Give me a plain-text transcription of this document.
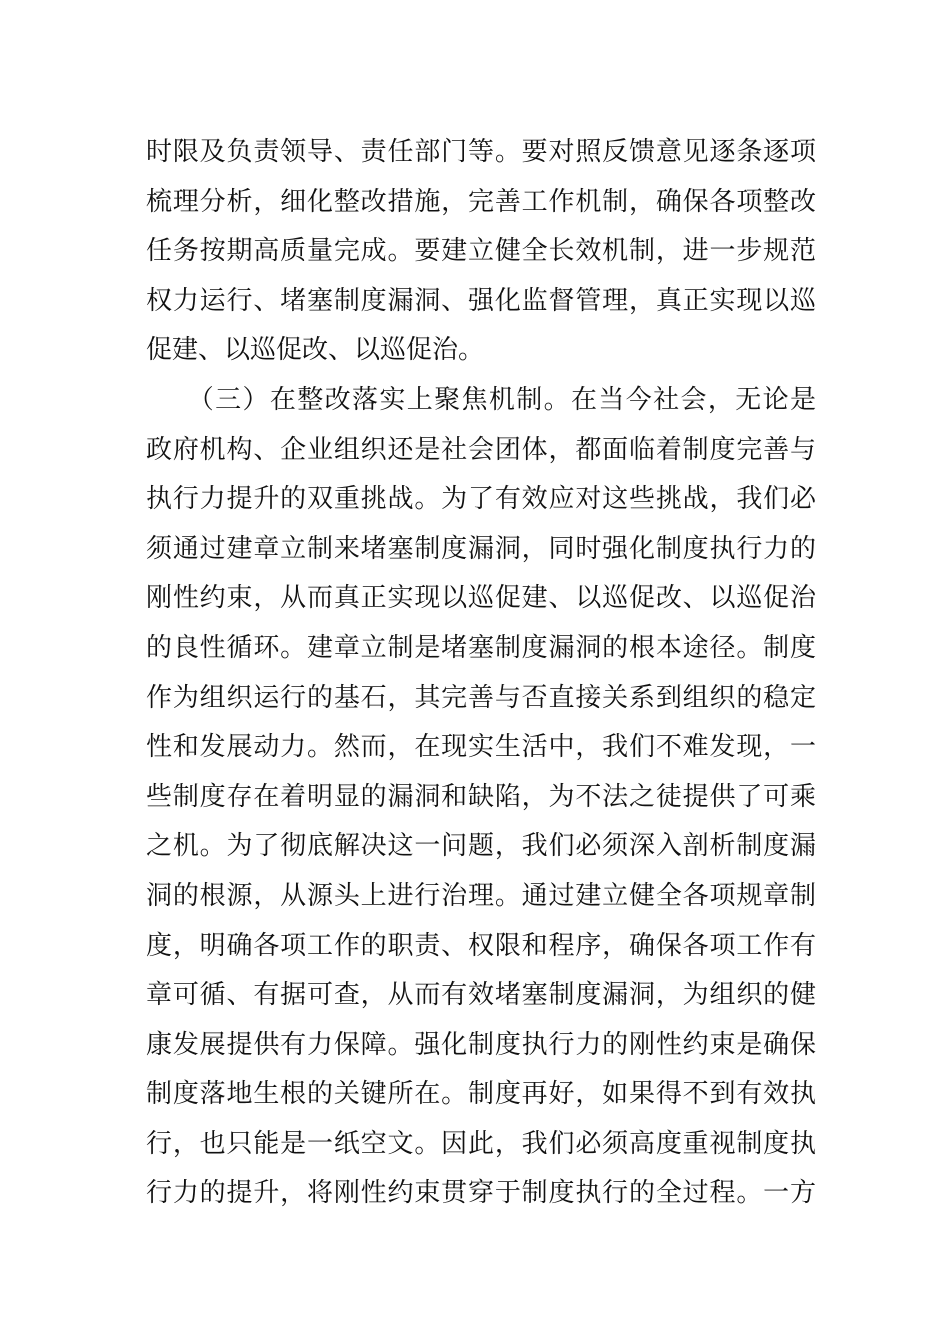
时限及负责领导、责任部门等。要对照反馈意见逐条逐项
梳理分析，细化整改措施，完善工作机制，确保各项整改
任务按期高质量完成。要建立健全长效机制，进一步规范
权力运行、堵塞制度漏洞、强化监督管理，真正实现以巡
促建、以巡促改、以巡促治。
　　（三）在整改落实上聚焦机制。在当今社会，无论是
政府机构、企业组织还是社会团体，都面临着制度完善与
执行力提升的双重挑战。为了有效应对这些挑战，我们必
须通过建章立制来堵塞制度漏洞，同时强化制度执行力的
刚性约束，从而真正实现以巡促建、以巡促改、以巡促治
的良性循环。建章立制是堵塞制度漏洞的根本途径。制度
作为组织运行的基石，其完善与否直接关系到组织的稳定
性和发展动力。然而，在现实生活中，我们不难发现，一
些制度存在着明显的漏洞和缺陷，为不法之徒提供了可乘
之机。为了彻底解决这一问题，我们必须深入剖析制度漏
洞的根源，从源头上进行治理。通过建立健全各项规章制
度，明确各项工作的职责、权限和程序，确保各项工作有
章可循、有据可查，从而有效堵塞制度漏洞，为组织的健
康发展提供有力保障。强化制度执行力的刚性约束是确保
制度落地生根的关键所在。制度再好，如果得不到有效执
行，也只能是一纸空文。因此，我们必须高度重视制度执
行力的提升，将刚性约束贯穿于制度执行的全过程。一方
